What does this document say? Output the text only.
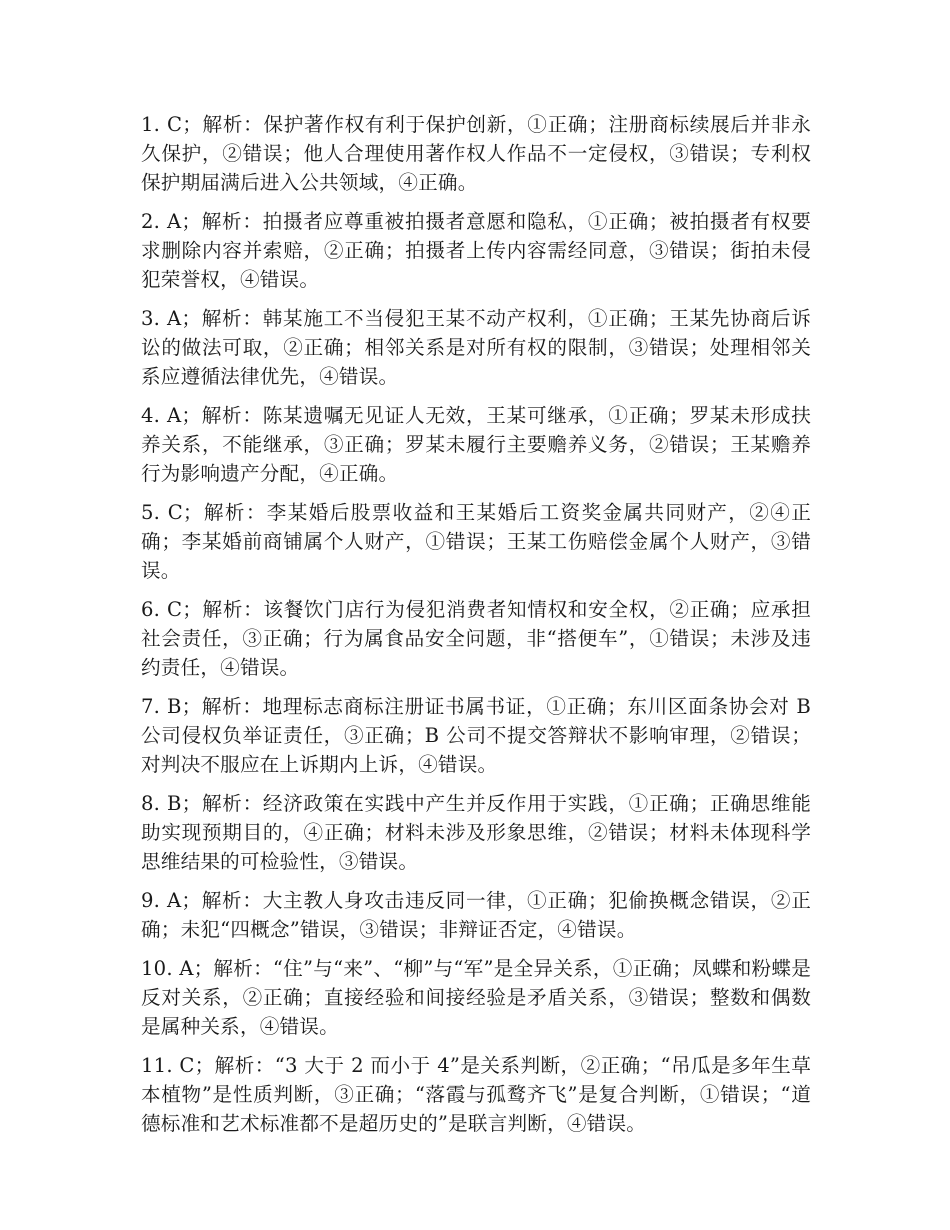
1. C；解析：保护著作权有利于保护创新，①正确；注册商标续展后并非永久保护，②错误；他人合理使用著作权人作品不一定侵权，③错误；专利权保护期届满后进入公共领域，④正确。

2. A；解析：拍摄者应尊重被拍摄者意愿和隐私，①正确；被拍摄者有权要求删除内容并索赔，②正确；拍摄者上传内容需经同意，③错误；街拍未侵犯荣誉权，④错误。

3. A；解析：韩某施工不当侵犯王某不动产权利，①正确；王某先协商后诉讼的做法可取，②正确；相邻关系是对所有权的限制，③错误；处理相邻关系应遵循法律优先，④错误。

4. A；解析：陈某遗嘱无见证人无效，王某可继承，①正确；罗某未形成扶养关系，不能继承，③正确；罗某未履行主要赡养义务，②错误；王某赡养行为影响遗产分配，④正确。

5. C；解析：李某婚后股票收益和王某婚后工资奖金属共同财产，②④正确；李某婚前商铺属个人财产，①错误；王某工伤赔偿金属个人财产，③错误。

6. C；解析：该餐饮门店行为侵犯消费者知情权和安全权，②正确；应承担社会责任，③正确；行为属食品安全问题，非“搭便车”，①错误；未涉及违约责任，④错误。

7. B；解析：地理标志商标注册证书属书证，①正确；东川区面条协会对 B 公司侵权负举证责任，③正确；B 公司不提交答辩状不影响审理，②错误；对判决不服应在上诉期内上诉，④错误。

8. B；解析：经济政策在实践中产生并反作用于实践，①正确；正确思维能助实现预期目的，④正确；材料未涉及形象思维，②错误；材料未体现科学思维结果的可检验性，③错误。

9. A；解析：大主教人身攻击违反同一律，①正确；犯偷换概念错误，②正确；未犯“四概念”错误，③错误；非辩证否定，④错误。

10. A；解析：“住”与“来”、“柳”与“军”是全异关系，①正确；凤蝶和粉蝶是反对关系，②正确；直接经验和间接经验是矛盾关系，③错误；整数和偶数是属种关系，④错误。

11. C；解析：“3 大于 2 而小于 4”是关系判断，②正确；“吊瓜是多年生草本植物”是性质判断，③正确；“落霞与孤鹜齐飞”是复合判断，①错误；“道德标准和艺术标准都不是超历史的”是联言判断，④错误。
